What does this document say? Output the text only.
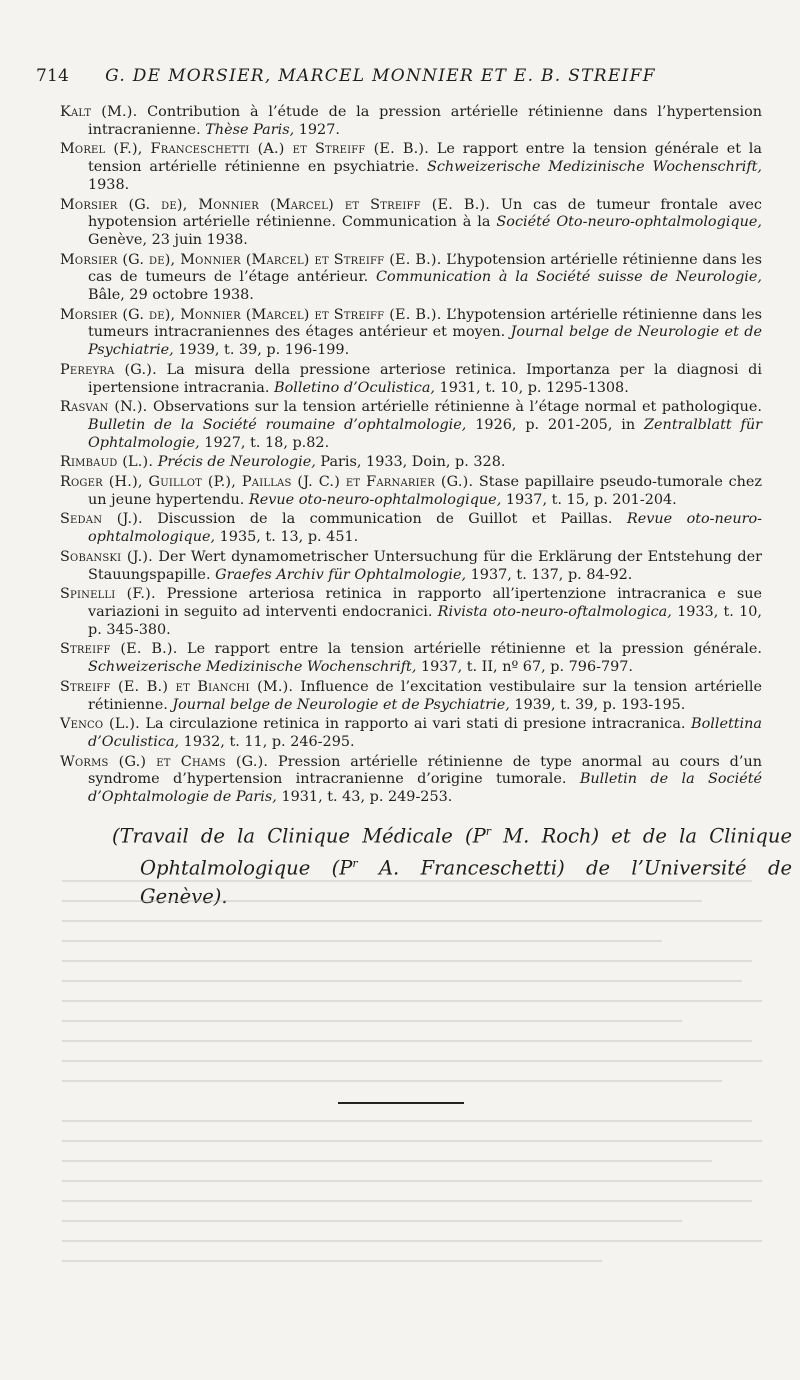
714 G. DE MORSIER, MARCEL MONNIER ET E. B. STREIFF

Kalt (M.). Contribution à l’étude de la pression artérielle rétinienne dans l’hypertension intracranienne. Thèse Paris, 1927.

Morel (F.), Franceschetti (A.) et Streiff (E. B.). Le rapport entre la tension générale et la tension artérielle rétinienne en psychiatrie. Schweizerische Medizinische Wochenschrift, 1938.

Morsier (G. de), Monnier (Marcel) et Streiff (E. B.). Un cas de tumeur frontale avec hypotension artérielle rétinienne. Communication à la Société Oto-neuro-ophtalmologique, Genève, 23 juin 1938.

Morsier (G. de), Monnier (Marcel) et Streiff (E. B.). L’hypotension artérielle rétinienne dans les cas de tumeurs de l’étage antérieur. Communication à la Société suisse de Neurologie, Bâle, 29 octobre 1938.

Morsier (G. de), Monnier (Marcel) et Streiff (E. B.). L’hypotension artérielle rétinienne dans les tumeurs intracraniennes des étages antérieur et moyen. Journal belge de Neurologie et de Psychiatrie, 1939, t. 39, p. 196-199.

Pereyra (G.). La misura della pressione arteriose retinica. Importanza per la diagnosi di ipertensione intracrania. Bolletino d’Oculistica, 1931, t. 10, p. 1295-1308.

Rasvan (N.). Observations sur la tension artérielle rétinienne à l’étage normal et pathologique. Bulletin de la Société roumaine d’ophtalmologie, 1926, p. 201-205, in Zentralblatt für Ophtalmologie, 1927, t. 18, p.82.

Rimbaud (L.). Précis de Neurologie, Paris, 1933, Doin, p. 328.

Roger (H.), Guillot (P.), Paillas (J. C.) et Farnarier (G.). Stase papillaire pseudo-tumorale chez un jeune hypertendu. Revue oto-neuro-ophtalmologique, 1937, t. 15, p. 201-204.

Sedan (J.). Discussion de la communication de Guillot et Paillas. Revue oto-neuro-ophtalmologique, 1935, t. 13, p. 451.

Sobanski (J.). Der Wert dynamometrischer Untersuchung für die Erklärung der Entstehung der Stauungspapille. Graefes Archiv für Ophtalmologie, 1937, t. 137, p. 84-92.

Spinelli (F.). Pressione arteriosa retinica in rapporto all’ipertenzione intracranica e sue variazioni in seguito ad interventi endocranici. Rivista oto-neuro-oftalmologica, 1933, t. 10, p. 345-380.

Streiff (E. B.). Le rapport entre la tension artérielle rétinienne et la pression générale. Schweizerische Medizinische Wochenschrift, 1937, t. II, nº 67, p. 796-797.

Streiff (E. B.) et Bianchi (M.). Influence de l’excitation vestibulaire sur la tension artérielle rétinienne. Journal belge de Neurologie et de Psychiatrie, 1939, t. 39, p. 193-195.

Venco (L.). La circulazione retinica in rapporto ai vari stati di presione intracranica. Bollettina d’Oculistica, 1932, t. 11, p. 246-295.

Worms (G.) et Chams (G.). Pression artérielle rétinienne de type anormal au cours d’un syndrome d’hypertension intracranienne d’origine tumorale. Bulletin de la Société d’Ophtalmologie de Paris, 1931, t. 43, p. 249-253.

(Travail de la Clinique Médicale ($P^r$ M. Roch) et de la Clinique Ophtalmologique ($P^r$ A. Franceschetti) de l’Université de Genève).
